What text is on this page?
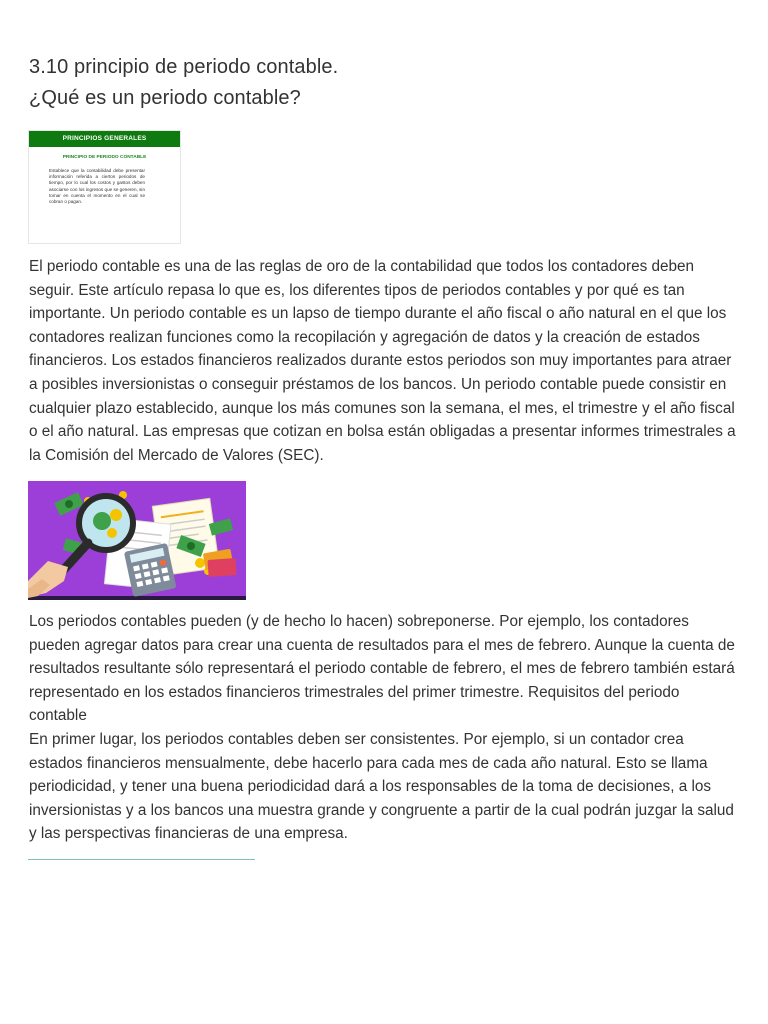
3.10 principio de periodo contable.
¿Qué es un periodo contable?
PRINCIPIOS GENERALES
PRINCIPIO DE PERIODO CONTABLE
Establece que la contabilidad debe presentar información referida a ciertos periodos de tiempo, por lo cual los costos y gastos deben asociarse con los ingresos que se generen, sin tomar en cuenta el momento en el cual se cobran o pagan.

El periodo contable es una de las reglas de oro de la contabilidad que todos los contadores deben seguir. Este artículo repasa lo que es, los diferentes tipos de periodos contables y por qué es tan importante. Un periodo contable es un lapso de tiempo durante el año fiscal o año natural en el que los contadores realizan funciones como la recopilación y agregación de datos y la creación de estados financieros. Los estados financieros realizados durante estos periodos son muy importantes para atraer a posibles inversionistas o conseguir préstamos de los bancos. Un periodo contable puede consistir en cualquier plazo establecido, aunque los más comunes son la semana, el mes, el trimestre y el año fiscal o el año natural. Las empresas que cotizan en bolsa están obligadas a presentar informes trimestrales a la Comisión del Mercado de Valores (SEC).

Los periodos contables pueden (y de hecho lo hacen) sobreponerse. Por ejemplo, los contadores pueden agregar datos para crear una cuenta de resultados para el mes de febrero. Aunque la cuenta de resultados resultante sólo representará el periodo contable de febrero, el mes de febrero también estará representado en los estados financieros trimestrales del primer trimestre. Requisitos del periodo contable

En primer lugar, los periodos contables deben ser consistentes. Por ejemplo, si un contador crea estados financieros mensualmente, debe hacerlo para cada mes de cada año natural. Esto se llama periodicidad, y tener una buena periodicidad dará a los responsables de la toma de decisiones, a los inversionistas y a los bancos una muestra grande y congruente a partir de la cual podrán juzgar la salud y las perspectivas financieras de una empresa.
